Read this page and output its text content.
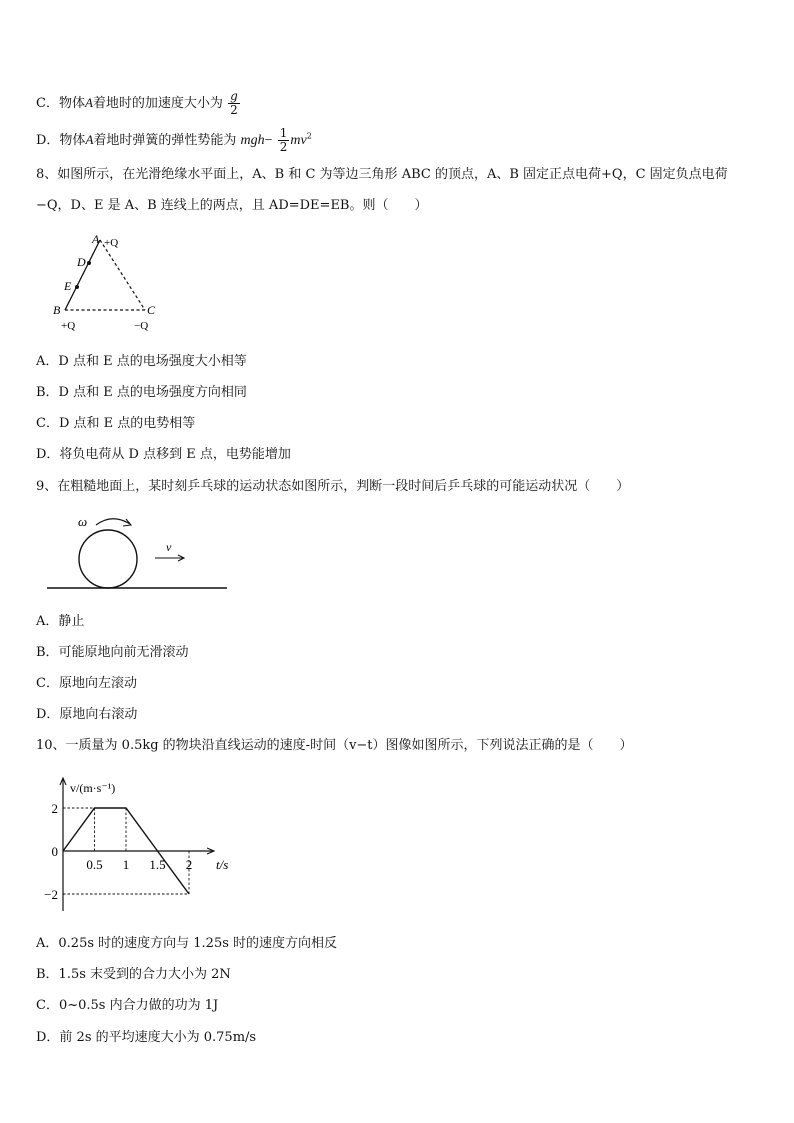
C．物体A着地时的加速度大小为 $\frac{g}{2}$
D．物体A着地时弹簧的弹性势能为 $mgh- \frac{1}{2} mv^2$
8、如图所示，在光滑绝缘水平面上，A、B 和 C 为等边三角形 ABC 的顶点，A、B 固定正点电荷+Q，C 固定负点电荷
−Q，D、E 是 A、B 连线上的两点，且 AD=DE=EB。则（　　）
A +Q
D
E
B
+Q
C
−Q
A．D 点和 E 点的电场强度大小相等
B．D 点和 E 点的电场强度方向相同
C．D 点和 E 点的电势相等
D．将负电荷从 D 点移到 E 点，电势能增加
9、在粗糙地面上，某时刻乒乓球的运动状态如图所示，判断一段时间后乒乓球的可能运动状况（　　）
ω
v
A．静止
B．可能原地向前无滑滚动
C．原地向左滚动
D．原地向右滚动
10、一质量为 0.5kg 的物块沿直线运动的速度-时间（v−t）图像如图所示，下列说法正确的是（　　）
0.5 1 1.5 2
2
0
−2
t/s
v/(m·s⁻¹)
A．0.25s 时的速度方向与 1.25s 时的速度方向相反
B．1.5s 末受到的合力大小为 2N
C．0~0.5s 内合力做的功为 1J
D．前 2s 的平均速度大小为 0.75m/s
